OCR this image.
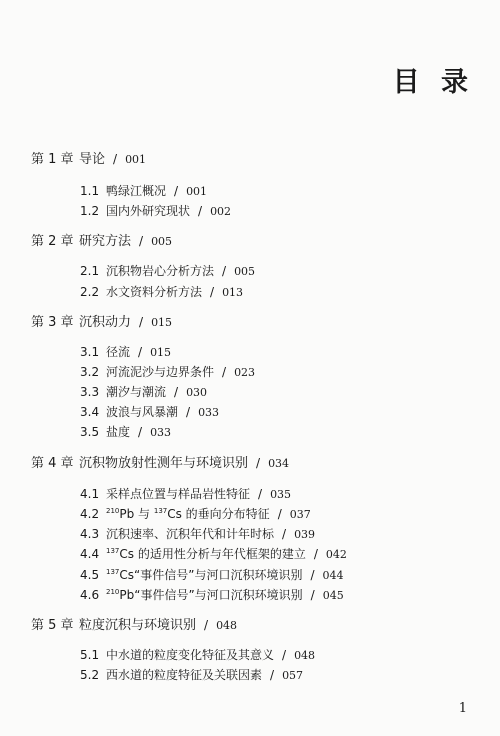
目 录
第 1 章 导论 / 001
1.1 鸭绿江概况 / 001
1.2 国内外研究现状 / 002
第 2 章 研究方法 / 005
2.1 沉积物岩心分析方法 / 005
2.2 水文资料分析方法 / 013
第 3 章 沉积动力 / 015
3.1 径流 / 015
3.2 河流泥沙与边界条件 / 023
3.3 潮汐与潮流 / 030
3.4 波浪与风暴潮 / 033
3.5 盐度 / 033
第 4 章 沉积物放射性测年与环境识别 / 034
4.1 采样点位置与样品岩性特征 / 035
4.2 $^{210}$Pb 与 $^{137}$Cs 的垂向分布特征 / 037
4.3 沉积速率、沉积年代和计年时标 / 039
4.4 $^{137}$Cs 的适用性分析与年代框架的建立 / 042
4.5 $^{137}$Cs“事件信号”与河口沉积环境识别 / 044
4.6 $^{210}$Pb“事件信号”与河口沉积环境识别 / 045
第 5 章 粒度沉积与环境识别 / 048
5.1 中水道的粒度变化特征及其意义 / 048
5.2 西水道的粒度特征及关联因素 / 057
1
